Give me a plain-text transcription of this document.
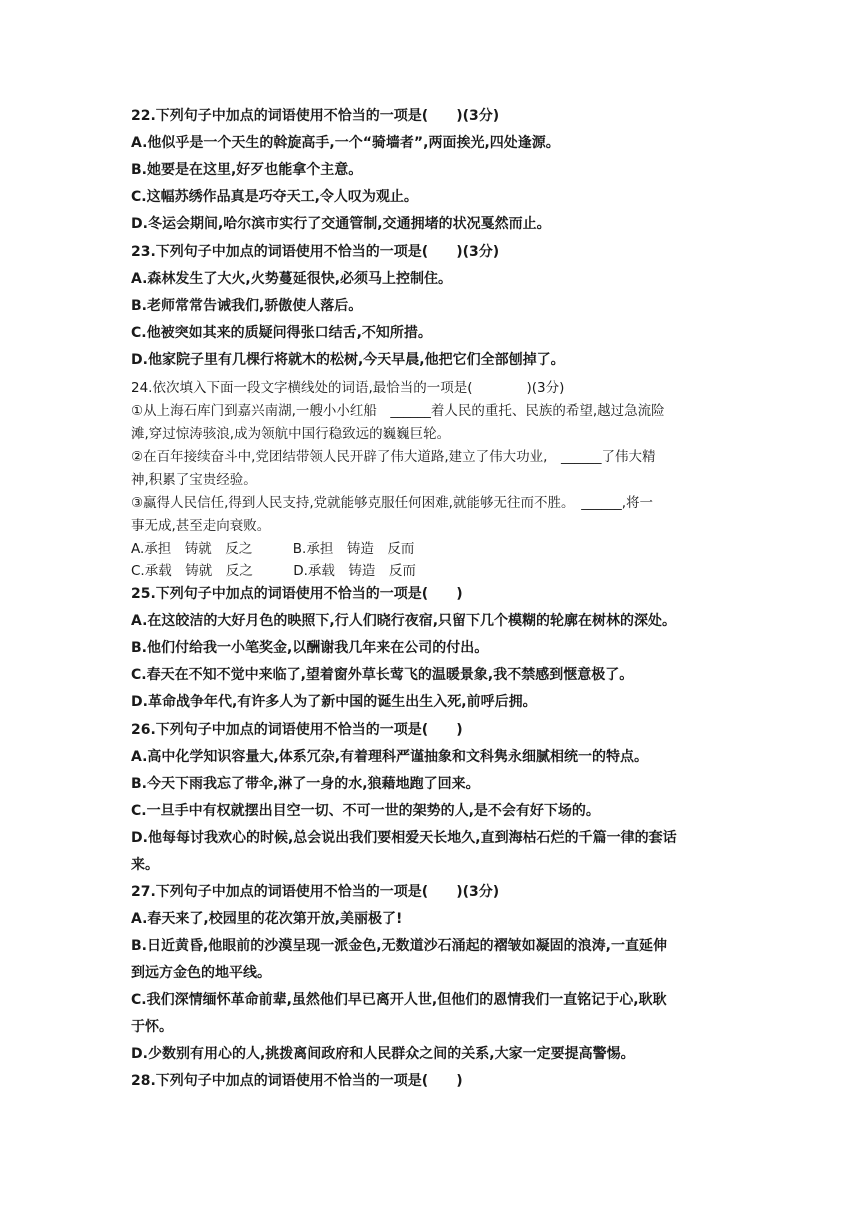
22.下列句子中加点的词语使用不恰当的一项是(　　)(3分)
A.他似乎是一个天生的斡旋高手,一个“骑墙者”,两面挨光,四处逢源。
B.她要是在这里,好歹也能拿个主意。
C.这幅苏绣作品真是巧夺天工,令人叹为观止。
D.冬运会期间,哈尔滨市实行了交通管制,交通拥堵的状况戛然而止。
23.下列句子中加点的词语使用不恰当的一项是(　　)(3分)
A.森林发生了大火,火势蔓延很快,必须马上控制住。
B.老师常常告诫我们,骄傲使人落后。
C.他被突如其来的质疑问得张口结舌,不知所措。
D.他家院子里有几棵行将就木的松树,今天早晨,他把它们全部刨掉了。
24.依次填入下面一段文字横线处的词语,最恰当的一项是(　　　　)(3分)
①从上海石库门到嘉兴南湖,一艘小小红船　______着人民的重托、民族的希望,越过急流险
滩,穿过惊涛骇浪,成为领航中国行稳致远的巍巍巨轮。
②在百年接续奋斗中,党团结带领人民开辟了伟大道路,建立了伟大功业,　______了伟大精
神,积累了宝贵经验。
③赢得人民信任,得到人民支持,党就能够克服任何困难,就能够无往而不胜。　______,将一
事无成,甚至走向衰败。
A.承担　铸就　反之　　　B.承担　铸造　反而
C.承载　铸就　反之　　　D.承载　铸造　反而
25.下列句子中加点的词语使用不恰当的一项是(　　)
A.在这皎洁的大好月色的映照下,行人们晓行夜宿,只留下几个模糊的轮廓在树林的深处。
B.他们付给我一小笔奖金,以酬谢我几年来在公司的付出。
C.春天在不知不觉中来临了,望着窗外草长莺飞的温暖景象,我不禁感到惬意极了。
D.革命战争年代,有许多人为了新中国的诞生出生入死,前呼后拥。
26.下列句子中加点的词语使用不恰当的一项是(　　)
A.高中化学知识容量大,体系冗杂,有着理科严谨抽象和文科隽永细腻相统一的特点。
B.今天下雨我忘了带伞,淋了一身的水,狼藉地跑了回来。
C.一旦手中有权就摆出目空一切、不可一世的架势的人,是不会有好下场的。
D.他每每讨我欢心的时候,总会说出我们要相爱天长地久,直到海枯石烂的千篇一律的套话
来。
27.下列句子中加点的词语使用不恰当的一项是(　　)(3分)
A.春天来了,校园里的花次第开放,美丽极了!
B.日近黄昏,他眼前的沙漠呈现一派金色,无数道沙石涌起的褶皱如凝固的浪涛,一直延伸
到远方金色的地平线。
C.我们深情缅怀革命前辈,虽然他们早已离开人世,但他们的恩情我们一直铭记于心,耿耿
于怀。
D.少数别有用心的人,挑拨离间政府和人民群众之间的关系,大家一定要提高警惕。
28.下列句子中加点的词语使用不恰当的一项是(　　)
